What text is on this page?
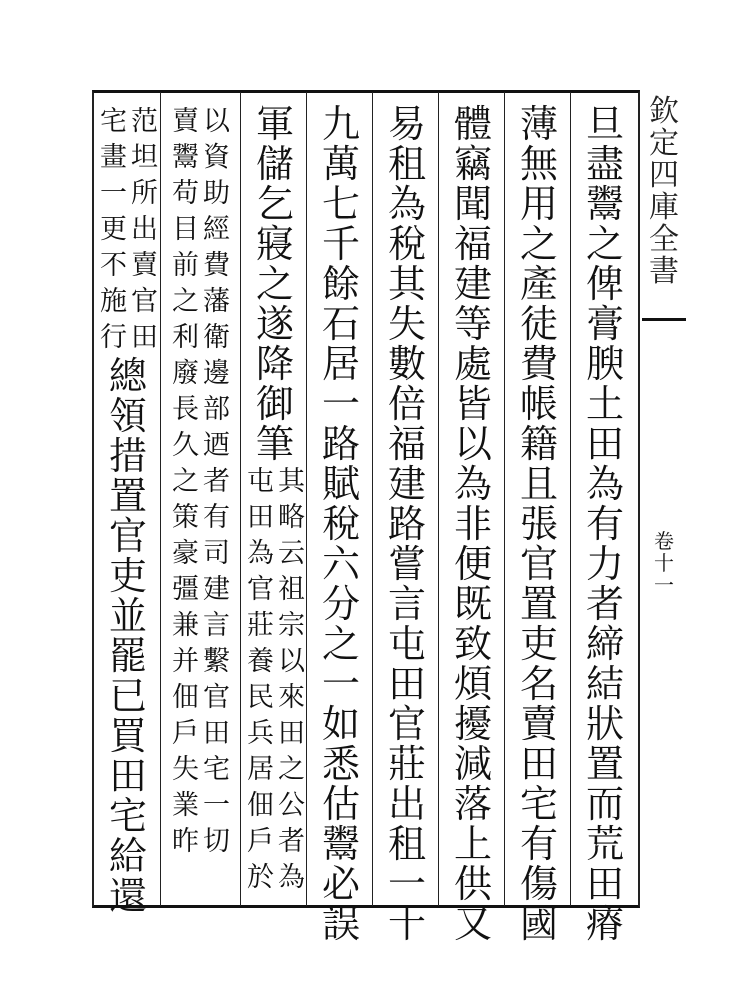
欽
定
四
庫
全
書
卷
十
一
旦
盡
鬻
之
俾
膏
腴
土
田
為
有
力
者
締
結
狀
置
而
荒
田
瘠
薄
無
用
之
產
徒
費
帳
籍
且
張
官
置
吏
名
賣
田
宅
有
傷
國
體
竊
聞
福
建
等
處
皆
以
為
非
便
既
致
煩
擾
減
落
上
供
又
易
租
為
稅
其
失
數
倍
福
建
路
嘗
言
屯
田
官
莊
出
租
一
十
九
萬
七
千
餘
石
居
一
路
賦
稅
六
分
之
一
如
悉
估
鬻
必
誤
軍
儲
乞
寢
之
遂
降
御
筆
其
屯
略
田
云
為
祖
官
宗
莊
以
養
來
民
田
兵
之
居
公
佃
者
戶
為
於
以
賣
資
鬻
助
苟
經
目
費
前
藩
之
衛
利
邊
廢
部
長
迺
久
者
之
有
策
司
豪
建
彊
言
兼
繫
并
官
佃
田
戶
宅
失
一
業
切
昨
范
宅
坦
畫
所
一
出
更
賣
不
官
施
田
行
總
領
措
置
官
吏
並
罷
已
買
田
宅
給
還
